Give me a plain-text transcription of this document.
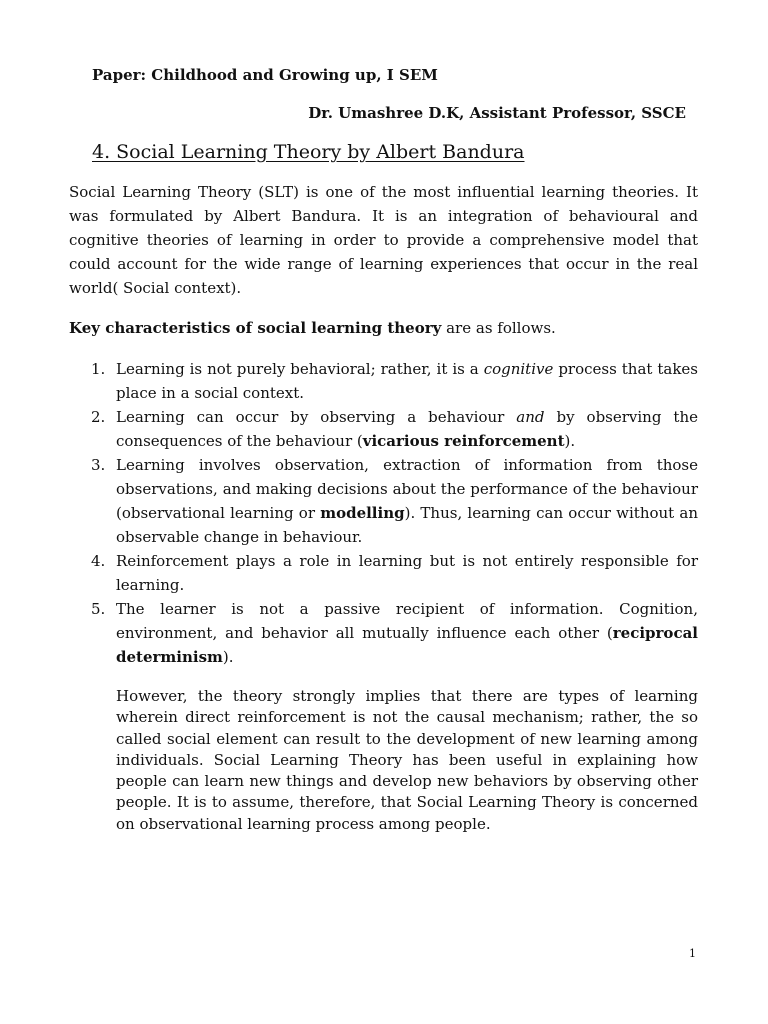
Paper: Childhood and Growing up, I SEM
Dr. Umashree D.K, Assistant Professor, SSCE
4. Social Learning Theory by Albert Bandura

Social Learning Theory (SLT) is one of the most influential learning theories. It was formulated by Albert Bandura. It is an integration of behavioural and cognitive theories of learning in order to provide a comprehensive model that could account for the wide range of learning experiences that occur in the real world( Social context).

Key characteristics of social learning theory are as follows.

1. Learning is not purely behavioral; rather, it is a cognitive process that takes place in a social context.
2. Learning can occur by observing a behaviour and by observing the consequences of the behaviour (vicarious reinforcement).
3. Learning involves observation, extraction of information from those observations, and making decisions about the performance of the behaviour (observational learning or modelling). Thus, learning can occur without an observable change in behaviour.
4. Reinforcement plays a role in learning but is not entirely responsible for learning.
5. The learner is not a passive recipient of information. Cognition, environment, and behavior all mutually influence each other (reciprocal determinism).

However, the theory strongly implies that there are types of learning wherein direct reinforcement is not the causal mechanism; rather, the so called social element can result to the development of new learning among individuals. Social Learning Theory has been useful in explaining how people can learn new things and develop new behaviors by observing other people. It is to assume, therefore, that Social Learning Theory is concerned on observational learning process among people.

1
